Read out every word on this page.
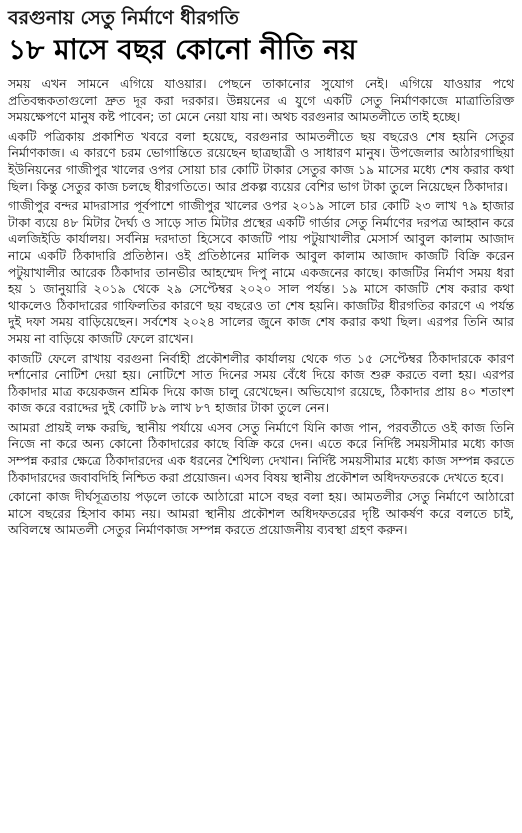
বরগুনায় সেতু নির্মাণে ধীরগতি
১৮ মাসে বছর কোনো নীতি নয়

সময় এখন সামনে এগিয়ে যাওয়ার। পেছনে তাকানোর সুযোগ নেই। এগিয়ে যাওয়ার পথে প্রতিবন্ধকতাগুলো দ্রুত দূর করা দরকার। উন্নয়নের এ যুগে একটি সেতু নির্মাণকাজে মাত্রাতিরিক্ত সময়ক্ষেপণে মানুষ কষ্ট পাবেন; তা মেনে নেয়া যায় না। অথচ বরগুনার আমতলীতে তাই হচ্ছে।

একটি পত্রিকায় প্রকাশিত খবরে বলা হয়েছে, বরগুনার আমতলীতে ছয় বছরেও শেষ হয়নি সেতুর নির্মাণকাজ। এ কারণে চরম ভোগান্তিতে রয়েছেন ছাত্রছাত্রী ও সাধারণ মানুষ। উপজেলার আঠারগাছিয়া ইউনিয়নের গাজীপুর খালের ওপর সোয়া চার কোটি টাকার সেতুর কাজ ১৯ মাসের মধ্যে শেষ করার কথা ছিল। কিন্তু সেতুর কাজ চলছে ধীরগতিতে। আর প্রকল্প ব্যয়ের বেশির ভাগ টাকা তুলে নিয়েছেন ঠিকাদার।

গাজীপুর বন্দর মাদরাসার পূর্বপাশে গাজীপুর খালের ওপর ২০১৯ সালে চার কোটি ২৩ লাখ ৭৯ হাজার টাকা ব্যয়ে ৪৮ মিটার দৈর্ঘ্য ও সাড়ে সাত মিটার প্রস্থের একটি গার্ডার সেতু নির্মাণের দরপত্র আহ্বান করে এলজিইডি কার্যালয়। সর্বনিম্ন দরদাতা হিসেবে কাজটি পায় পটুয়াখালীর মেসার্স আবুল কালাম আজাদ নামে একটি ঠিকাদারি প্রতিষ্ঠান। ওই প্রতিষ্ঠানের মালিক আবুল কালাম আজাদ কাজটি বিক্রি করেন পটুয়াখালীর আরেক ঠিকাদার তানভীর আহম্মেদ দিপু নামে একজনের কাছে। কাজটির নির্মাণ সময় ধরা হয় ১ জানুয়ারি ২০১৯ থেকে ২৯ সেপ্টেম্বর ২০২০ সাল পর্যন্ত। ১৯ মাসে কাজটি শেষ করার কথা থাকলেও ঠিকাদারের গাফিলতির কারণে ছয় বছরেও তা শেষ হয়নি। কাজটির ধীরগতির কারণে এ পর্যন্ত দুই দফা সময় বাড়িয়েছেন। সর্বশেষ ২০২৪ সালের জুনে কাজ শেষ করার কথা ছিল। এরপর তিনি আর সময় না বাড়িয়ে কাজটি ফেলে রাখেন।

কাজটি ফেলে রাখায় বরগুনা নির্বাহী প্রকৌশলীর কার্যালয় থেকে গত ১৫ সেপ্টেম্বর ঠিকাদারকে কারণ দর্শানোর নোটিশ দেয়া হয়। নোটিশে সাত দিনের সময় বেঁধে দিয়ে কাজ শুরু করতে বলা হয়। এরপর ঠিকাদার মাত্র কয়েকজন শ্রমিক দিয়ে কাজ চালু রেখেছেন। অভিযোগ রয়েছে, ঠিকাদার প্রায় ৪০ শতাংশ কাজ করে বরাদ্দের দুই কোটি ৮৯ লাখ ৮৭ হাজার টাকা তুলে নেন।

আমরা প্রায়ই লক্ষ করছি, স্থানীয় পর্যায়ে এসব সেতু নির্মাণে যিনি কাজ পান, পরবর্তীতে ওই কাজ তিনি নিজে না করে অন্য কোনো ঠিকাদারের কাছে বিক্রি করে দেন। এতে করে নির্দিষ্ট সময়সীমার মধ্যে কাজ সম্পন্ন করার ক্ষেত্রে ঠিকাদারদের এক ধরনের শৈথিল্য দেখান। নির্দিষ্ট সময়সীমার মধ্যে কাজ সম্পন্ন করতে ঠিকাদারদের জবাবদিহি নিশ্চিত করা প্রয়োজন। এসব বিষয় স্থানীয় প্রকৌশল অধিদফতরকে দেখতে হবে।

কোনো কাজ দীর্ঘসূত্রতায় পড়লে তাকে আঠারো মাসে বছর বলা হয়। আমতলীর সেতু নির্মাণে আঠারো মাসে বছরের হিসাব কাম্য নয়। আমরা স্থানীয় প্রকৌশল অধিদফতরের দৃষ্টি আকর্ষণ করে বলতে চাই, অবিলম্বে আমতলী সেতুর নির্মাণকাজ সম্পন্ন করতে প্রয়োজনীয় ব্যবস্থা গ্রহণ করুন।
